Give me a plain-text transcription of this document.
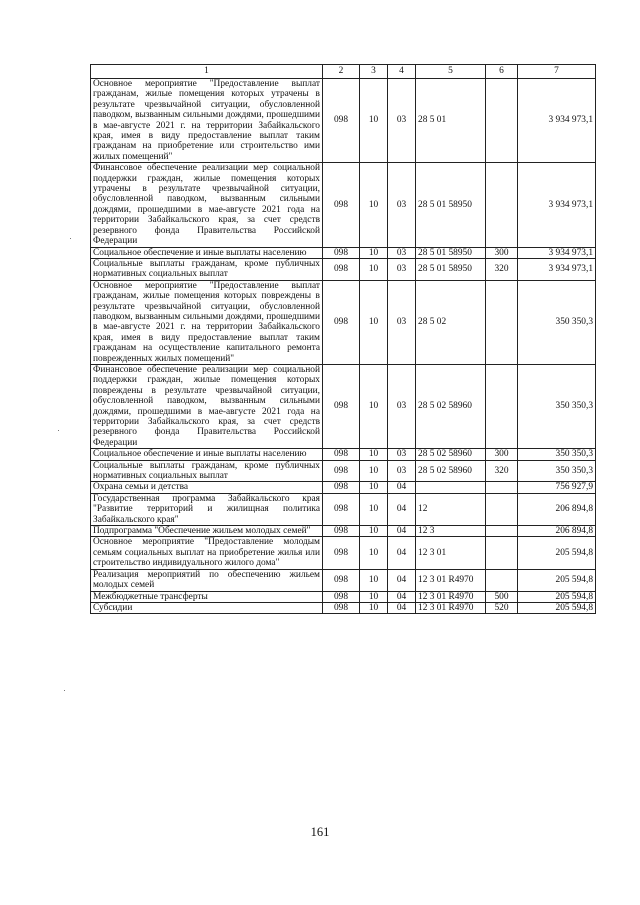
1	2	3	4	5	6	7
Основное мероприятие "Предоставление выплат гражданам, жилые помещения которых утрачены в результате чрезвычайной ситуации, обусловленной паводком, вызванным сильными дождями, прошедшими в мае-августе 2021 г. на территории Забайкальского края, имея в виду предоставление выплат таким гражданам на приобретение или строительство ими жилых помещений"	098	10	03	28 5 01		3 934 973,1
Финансовое обеспечение реализации мер социальной поддержки граждан, жилые помещения которых утрачены в результате чрезвычайной ситуации, обусловленной паводком, вызванным сильными дождями, прошедшими в мае-августе 2021 года на территории Забайкальского края, за счет средств резервного фонда Правительства Российской Федерации	098	10	03	28 5 01 58950		3 934 973,1
Социальное обеспечение и иные выплаты населению	098	10	03	28 5 01 58950	300	3 934 973,1
Социальные выплаты гражданам, кроме публичных нормативных социальных выплат	098	10	03	28 5 01 58950	320	3 934 973,1
Основное мероприятие "Предоставление выплат гражданам, жилые помещения которых повреждены в результате чрезвычайной ситуации, обусловленной паводком, вызванным сильными дождями, прошедшими в мае-августе 2021 г. на территории Забайкальского края, имея в виду предоставление выплат таким гражданам на осуществление капитального ремонта поврежденных жилых помещений"	098	10	03	28 5 02		350 350,3
Финансовое обеспечение реализации мер социальной поддержки граждан, жилые помещения которых повреждены в результате чрезвычайной ситуации, обусловленной паводком, вызванным сильными дождями, прошедшими в мае-августе 2021 года на территории Забайкальского края, за счет средств резервного фонда Правительства Российской Федерации	098	10	03	28 5 02 58960		350 350,3
Социальное обеспечение и иные выплаты населению	098	10	03	28 5 02 58960	300	350 350,3
Социальные выплаты гражданам, кроме публичных нормативных социальных выплат	098	10	03	28 5 02 58960	320	350 350,3
Охрана семьи и детства	098	10	04			756 927,9
Государственная программа Забайкальского края "Развитие территорий и жилищная политика Забайкальского края"	098	10	04	12		206 894,8
Подпрограмма "Обеспечение жильем молодых семей"	098	10	04	12 3		206 894,8
Основное мероприятие "Предоставление молодым семьям социальных выплат на приобретение жилья или строительство индивидуального жилого дома"	098	10	04	12 3 01		205 594,8
Реализация мероприятий по обеспечению жильем молодых семей	098	10	04	12 3 01 R4970		205 594,8
Межбюджетные трансферты	098	10	04	12 3 01 R4970	500	205 594,8
Субсидии	098	10	04	12 3 01 R4970	520	205 594,8
161
